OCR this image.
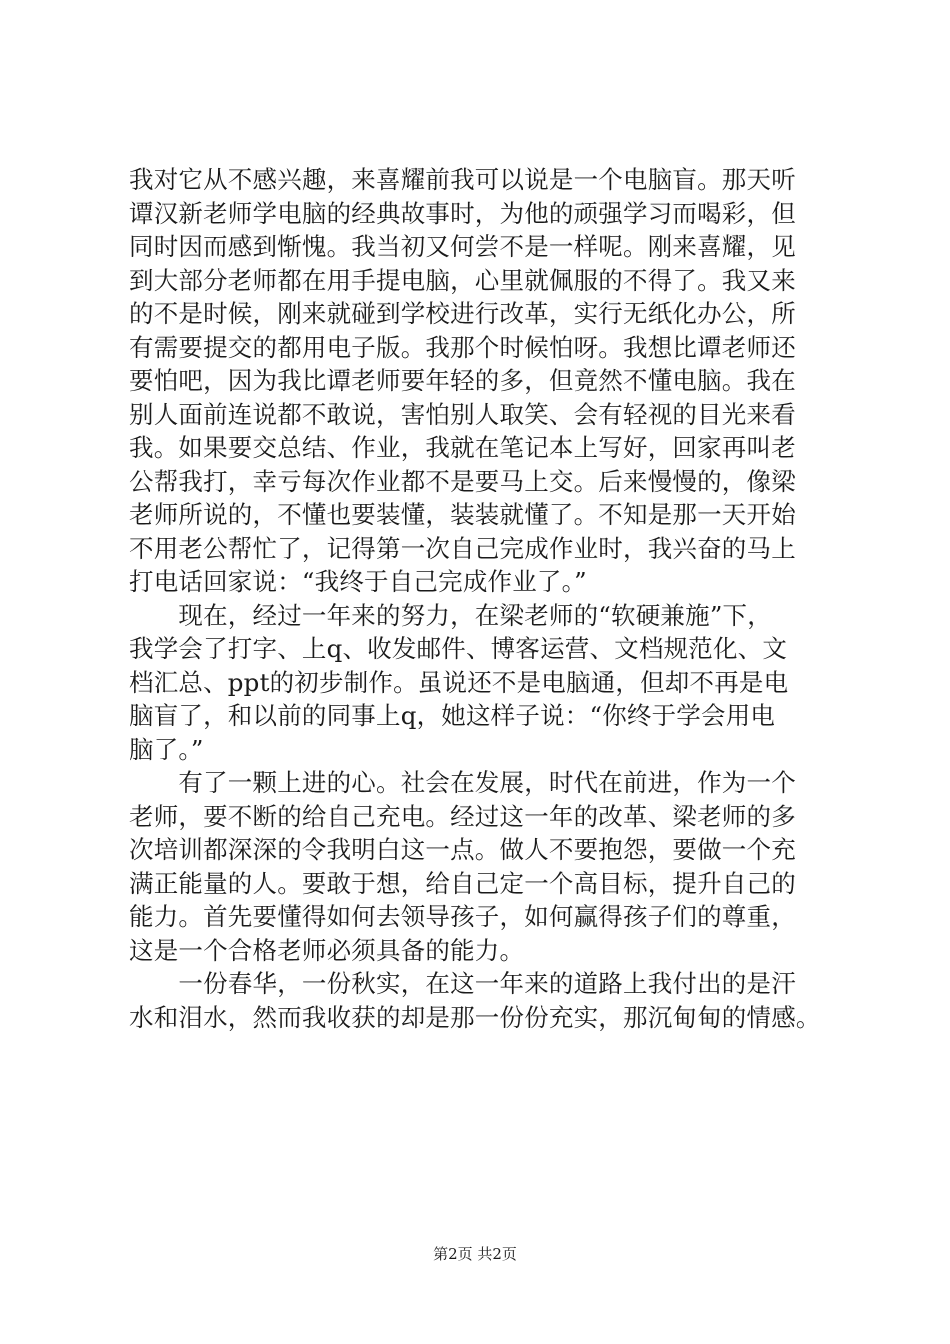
我对它从不感兴趣，来喜耀前我可以说是一个电脑盲。那天听
谭汉新老师学电脑的经典故事时，为他的顽强学习而喝彩，但
同时因而感到惭愧。我当初又何尝不是一样呢。刚来喜耀，见
到大部分老师都在用手提电脑，心里就佩服的不得了。我又来
的不是时候，刚来就碰到学校进行改革，实行无纸化办公，所
有需要提交的都用电子版。我那个时候怕呀。我想比谭老师还
要怕吧，因为我比谭老师要年轻的多，但竟然不懂电脑。我在
别人面前连说都不敢说，害怕别人取笑、会有轻视的目光来看
我。如果要交总结、作业，我就在笔记本上写好，回家再叫老
公帮我打，幸亏每次作业都不是要马上交。后来慢慢的，像梁
老师所说的，不懂也要装懂，装装就懂了。不知是那一天开始
不用老公帮忙了，记得第一次自己完成作业时，我兴奋的马上
打电话回家说：“我终于自己完成作业了。”
　　现在，经过一年来的努力，在梁老师的“软硬兼施”下，
我学会了打字、上q、收发邮件、博客运营、文档规范化、文
档汇总、ppt的初步制作。虽说还不是电脑通，但却不再是电
脑盲了，和以前的同事上q，她这样子说：“你终于学会用电
脑了。”
　　有了一颗上进的心。社会在发展，时代在前进，作为一个
老师，要不断的给自己充电。经过这一年的改革、梁老师的多
次培训都深深的令我明白这一点。做人不要抱怨，要做一个充
满正能量的人。要敢于想，给自己定一个高目标，提升自己的
能力。首先要懂得如何去领导孩子，如何赢得孩子们的尊重，
这是一个合格老师必须具备的能力。
　　一份春华，一份秋实，在这一年来的道路上我付出的是汗
水和泪水，然而我收获的却是那一份份充实，那沉甸甸的情感。
第2页 共2页
